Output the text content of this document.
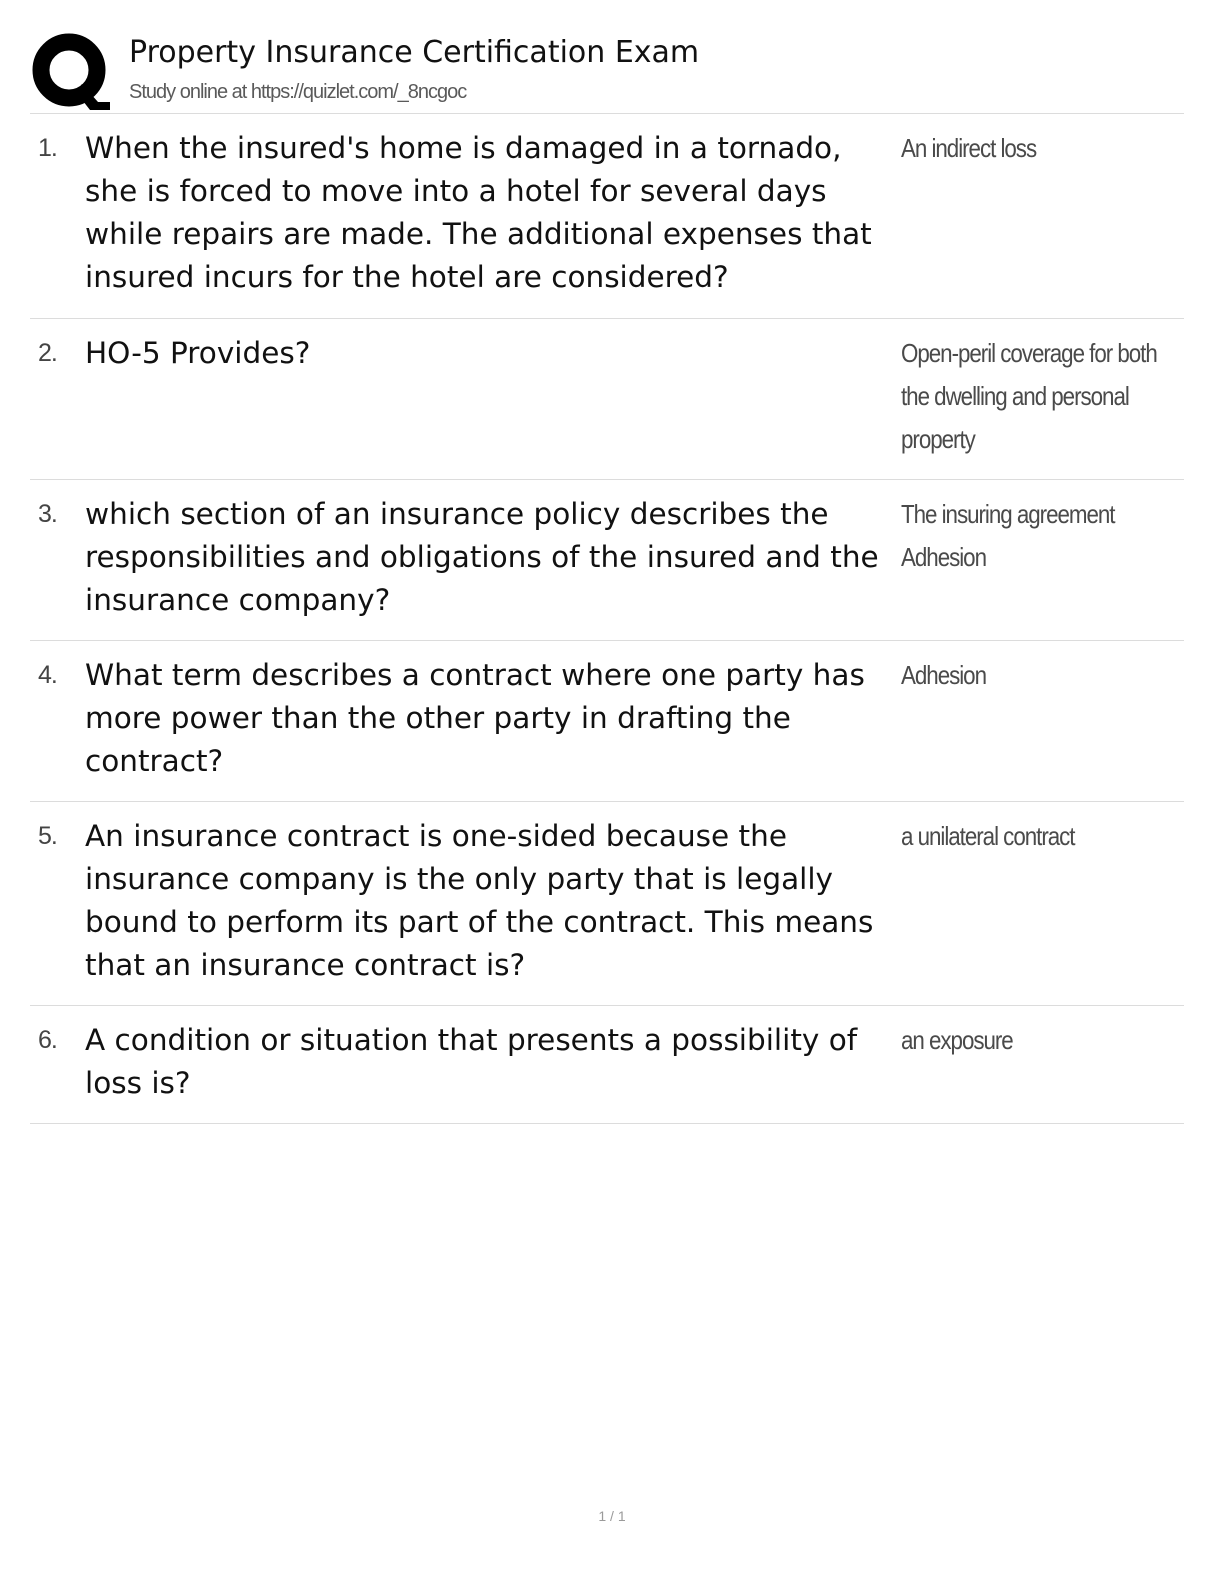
Property Insurance Certification Exam
Study online at https://quizlet.com/_8ncgoc
1. When the insured's home is damaged in a tornado, she is forced to move into a hotel for several days while repairs are made. The additional expenses that insured incurs for the hotel are considered?
An indirect loss
2. HO-5 Provides?	Open-peril coverage for both the dwelling and personal property
3. which section of an insurance policy describes the responsibilities and obligations of the insured and the insurance company?
The insuring agreement Adhesion
4. What term describes a contract where one party has more power than the other party in drafting the contract?
Adhesion
5. An insurance contract is one-sided because the insurance company is the only party that is legally bound to perform its part of the contract. This means that an insurance contract is?
a unilateral contract
6. A condition or situation that presents a possibility of loss is?
an exposure
1 / 1
